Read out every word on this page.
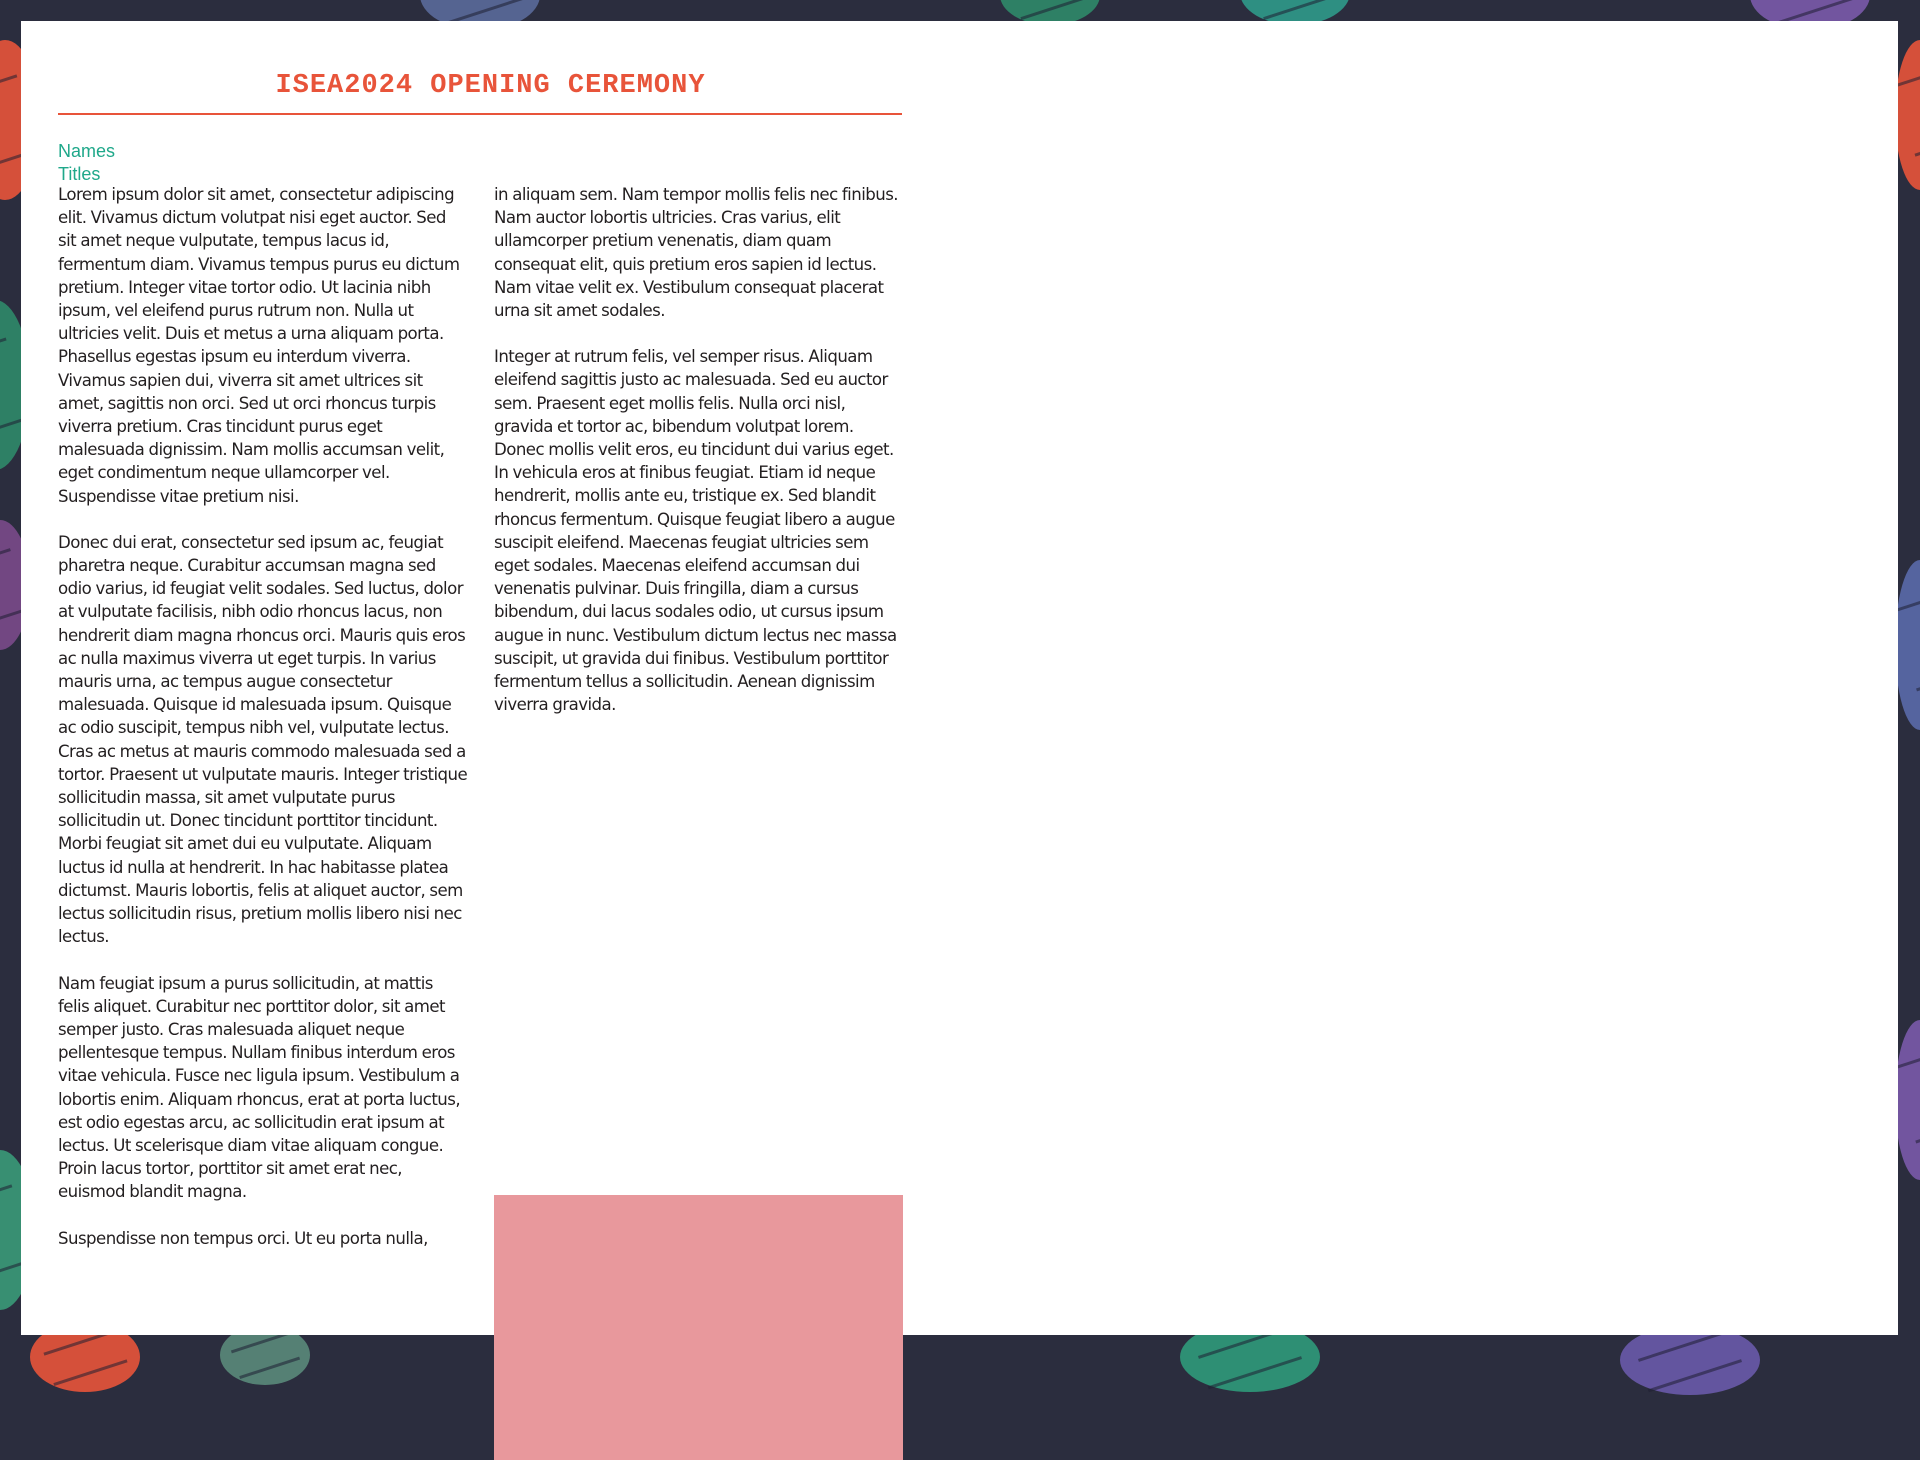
ISEA2024 OPENING CEREMONY
Names
Titles

Lorem ipsum dolor sit amet, consectetur adipiscing elit. Vivamus dictum volutpat nisi eget auctor. Sed sit amet neque vulputate, tempus lacus id, fermentum diam. Vivamus tempus purus eu dictum pretium. Integer vitae tortor odio. Ut lacinia nibh ipsum, vel eleifend purus rutrum non. Nulla ut ultricies velit. Duis et metus a urna aliquam porta. Phasellus egestas ipsum eu interdum viverra. Vivamus sapien dui, viverra sit amet ultrices sit amet, sagittis non orci. Sed ut orci rhoncus turpis viverra pretium. Cras tincidunt purus eget malesuada dignissim. Nam mollis accumsan velit, eget condimentum neque ullamcorper vel. Suspendisse vitae pretium nisi.

Donec dui erat, consectetur sed ipsum ac, feugiat pharetra neque. Curabitur accumsan magna sed odio varius, id feugiat velit sodales. Sed luctus, dolor at vulputate facilisis, nibh odio rhoncus lacus, non hendrerit diam magna rhoncus orci. Mauris quis eros ac nulla maximus viverra ut eget turpis. In varius mauris urna, ac tempus augue consectetur malesuada. Quisque id malesuada ipsum. Quisque ac odio suscipit, tempus nibh vel, vulputate lectus. Cras ac metus at mauris commodo malesuada sed a tortor. Praesent ut vulputate mauris. Integer tristique sollicitudin massa, sit amet vulputate purus sollicitudin ut. Donec tincidunt porttitor tincidunt. Morbi feugiat sit amet dui eu vulputate. Aliquam luctus id nulla at hendrerit. In hac habitasse platea dictumst. Mauris lobortis, felis at aliquet auctor, sem lectus sollicitudin risus, pretium mollis libero nisi nec lectus.

Nam feugiat ipsum a purus sollicitudin, at mattis felis aliquet. Curabitur nec porttitor dolor, sit amet semper justo. Cras malesuada aliquet neque pellentesque tempus. Nullam finibus interdum eros vitae vehicula. Fusce nec ligula ipsum. Vestibulum a lobortis enim. Aliquam rhoncus, erat at porta luctus, est odio egestas arcu, ac sollicitudin erat ipsum at lectus. Ut scelerisque diam vitae aliquam congue. Proin lacus tortor, porttitor sit amet erat nec, euismod blandit magna.

Suspendisse non tempus orci. Ut eu porta nulla,

in aliquam sem. Nam tempor mollis felis nec finibus. Nam auctor lobortis ultricies. Cras varius, elit ullamcorper pretium venenatis, diam quam consequat elit, quis pretium eros sapien id lectus. Nam vitae velit ex. Vestibulum consequat placerat urna sit amet sodales.

Integer at rutrum felis, vel semper risus. Aliquam eleifend sagittis justo ac malesuada. Sed eu auctor sem. Praesent eget mollis felis. Nulla orci nisl, gravida et tortor ac, bibendum volutpat lorem. Donec mollis velit eros, eu tincidunt dui varius eget. In vehicula eros at finibus feugiat. Etiam id neque hendrerit, mollis ante eu, tristique ex. Sed blandit rhoncus fermentum. Quisque feugiat libero a augue suscipit eleifend. Maecenas feugiat ultricies sem eget sodales. Maecenas eleifend accumsan dui venenatis pulvinar. Duis fringilla, diam a cursus bibendum, dui lacus sodales odio, ut cursus ipsum augue in nunc. Vestibulum dictum lectus nec massa suscipit, ut gravida dui finibus. Vestibulum porttitor fermentum tellus a sollicitudin. Aenean dignissim viverra gravida.
